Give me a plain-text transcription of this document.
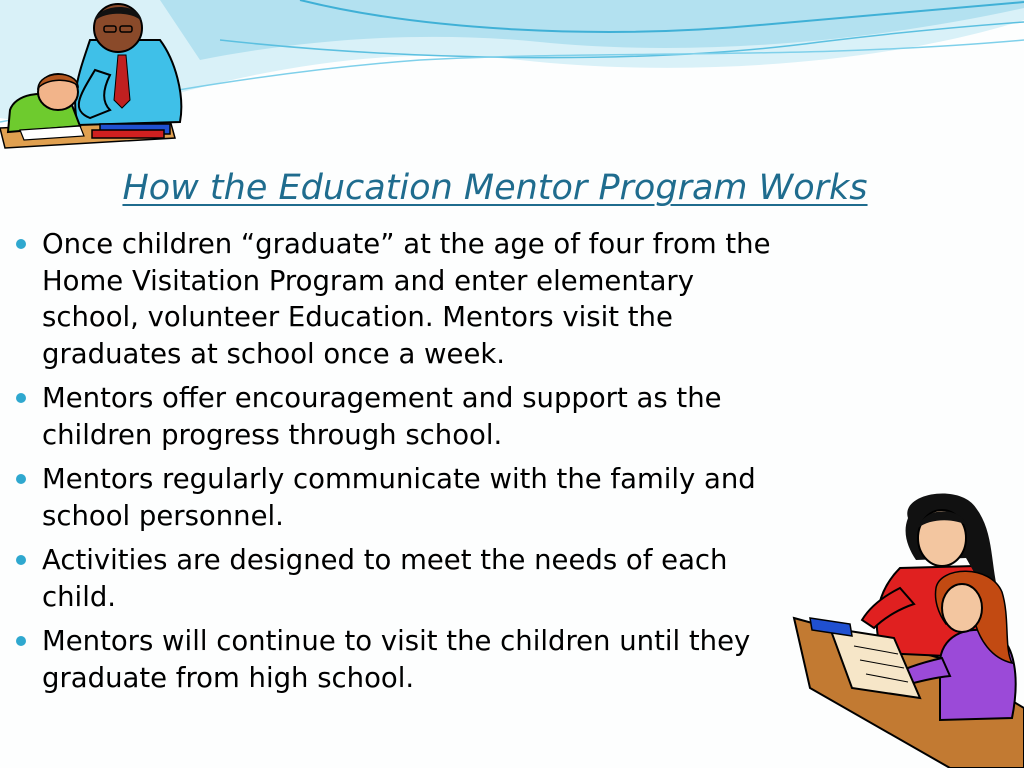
How the Education Mentor Program Works
Once children “graduate” at the age of four from the Home Visitation Program and enter elementary school, volunteer Education. Mentors visit the graduates at school once a week.
Mentors offer encouragement and support as the children progress through school.
Mentors regularly communicate with the family and school personnel.
Activities are designed to meet the needs of each child.
Mentors will continue to visit the children until they graduate from high school.
